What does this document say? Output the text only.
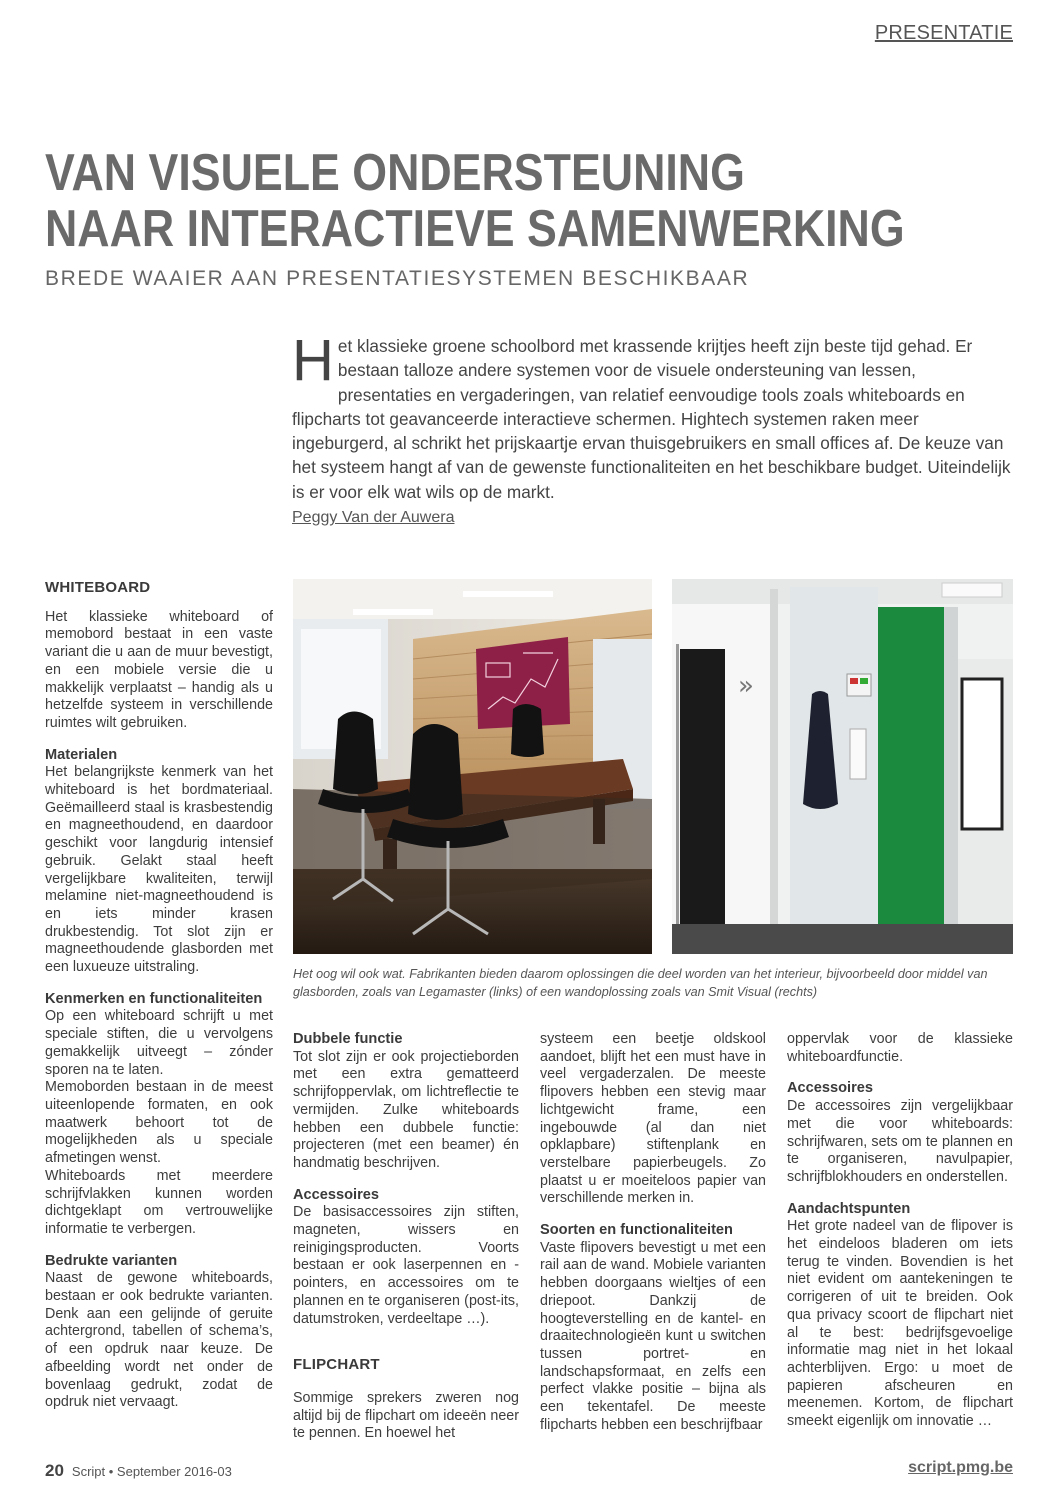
PRESENTATIE
VAN VISUELE ONDERSTEUNING
NAAR INTERACTIEVE SAMENWERKING
BREDE WAAIER AAN PRESENTATIESYSTEMEN BESCHIKBAAR
Het klassieke groene schoolbord met krassende krijtjes heeft zijn beste tijd gehad. Er bestaan talloze andere systemen voor de visuele ondersteuning van lessen, presentaties en vergaderingen, van relatief eenvoudige tools zoals whiteboards en flipcharts tot geavanceerde interactieve schermen. Hightech systemen raken meer ingeburgerd, al schrikt het prijskaartje ervan thuisgebruikers en small offices af. De keuze van het systeem hangt af van de gewenste functionaliteiten en het beschikbare budget. Uiteindelijk is er voor elk wat wils op de markt.
Peggy Van der Auwera
WHITEBOARD

Het klassieke whiteboard of memobord bestaat in een vaste variant die u aan de muur bevestigt, en een mobiele versie die u makkelijk verplaatst – handig als u hetzelfde systeem in verschillende ruimtes wilt gebruiken.

Materialen

Het belangrijkste kenmerk van het whiteboard is het bordmateriaal. Geëmailleerd staal is krasbestendig en magneethoudend, en daardoor geschikt voor langdurig intensief gebruik. Gelakt staal heeft vergelijkbare kwaliteiten, terwijl melamine niet-magneethoudend is en iets minder krasen drukbestendig. Tot slot zijn er magneethoudende glasborden met een luxueuze uitstraling.

Kenmerken en functionaliteiten

Op een whiteboard schrijft u met speciale stiften, die u vervolgens gemakkelijk uitveegt – zónder sporen na te laten.

Memoborden bestaan in de meest uiteenlopende formaten, en ook maatwerk behoort tot de mogelijkheden als u speciale afmetingen wenst.

Whiteboards met meerdere schrijfvlakken kunnen worden dichtgeklapt om vertrouwelijke informatie te verbergen.

Bedrukte varianten

Naast de gewone whiteboards, bestaan er ook bedrukte varianten. Denk aan een gelijnde of geruite achtergrond, tabellen of schema’s, of een opdruk naar keuze. De afbeelding wordt net onder de bovenlaag gedrukt, zodat de opdruk niet vervaagt.

»
Het oog wil ook wat. Fabrikanten bieden daarom oplossingen die deel worden van het interieur, bijvoorbeeld door middel van glasborden, zoals van Legamaster (links) of een wandoplossing zoals van Smit Visual (rechts)
Dubbele functie

Tot slot zijn er ook projectieborden met een extra gematteerd schrijfoppervlak, om lichtreflectie te vermijden. Zulke whiteboards hebben een dubbele functie: projecteren (met een beamer) én handmatig beschrijven.

Accessoires

De basisaccessoires zijn stiften, magneten, wissers en reinigingsproducten. Voorts bestaan er ook laserpennen en -pointers, en accessoires om te plannen en te organiseren (post-its, datumstroken, verdeeltape …).

FLIPCHART

Sommige sprekers zweren nog altijd bij de flipchart om ideeën neer te pennen. En hoewel het

systeem een beetje oldskool aandoet, blijft het een must have in veel vergaderzalen. De meeste flipovers hebben een stevig maar lichtgewicht frame, een ingebouwde (al dan niet opklapbare) stiftenplank en verstelbare papierbeugels. Zo plaatst u er moeiteloos papier van verschillende merken in.

Soorten en functionaliteiten

Vaste flipovers bevestigt u met een rail aan de wand. Mobiele varianten hebben doorgaans wieltjes of een driepoot. Dankzij de hoogteverstelling en de kantel- en draaitechnologieën kunt u switchen tussen portret- en landschapsformaat, en zelfs een perfect vlakke positie – bijna als een tekentafel. De meeste flipcharts hebben een beschrijfbaar

oppervlak voor de klassieke whiteboardfunctie.

Accessoires

De accessoires zijn vergelijkbaar met die voor whiteboards: schrijfwaren, sets om te plannen en te organiseren, navulpapier, schrijfblokhouders en onderstellen.

Aandachtspunten

Het grote nadeel van de flipover is het eindeloos bladeren om iets terug te vinden. Bovendien is het niet evident om aantekeningen te corrigeren of uit te breiden. Ook qua privacy scoort de flipchart niet al te best: bedrijfsgevoelige informatie mag niet in het lokaal achterblijven. Ergo: u moet de papieren afscheuren en meenemen. Kortom, de flipchart smeekt eigenlijk om innovatie …

20 Script • September 2016-03	script.pmg.be
